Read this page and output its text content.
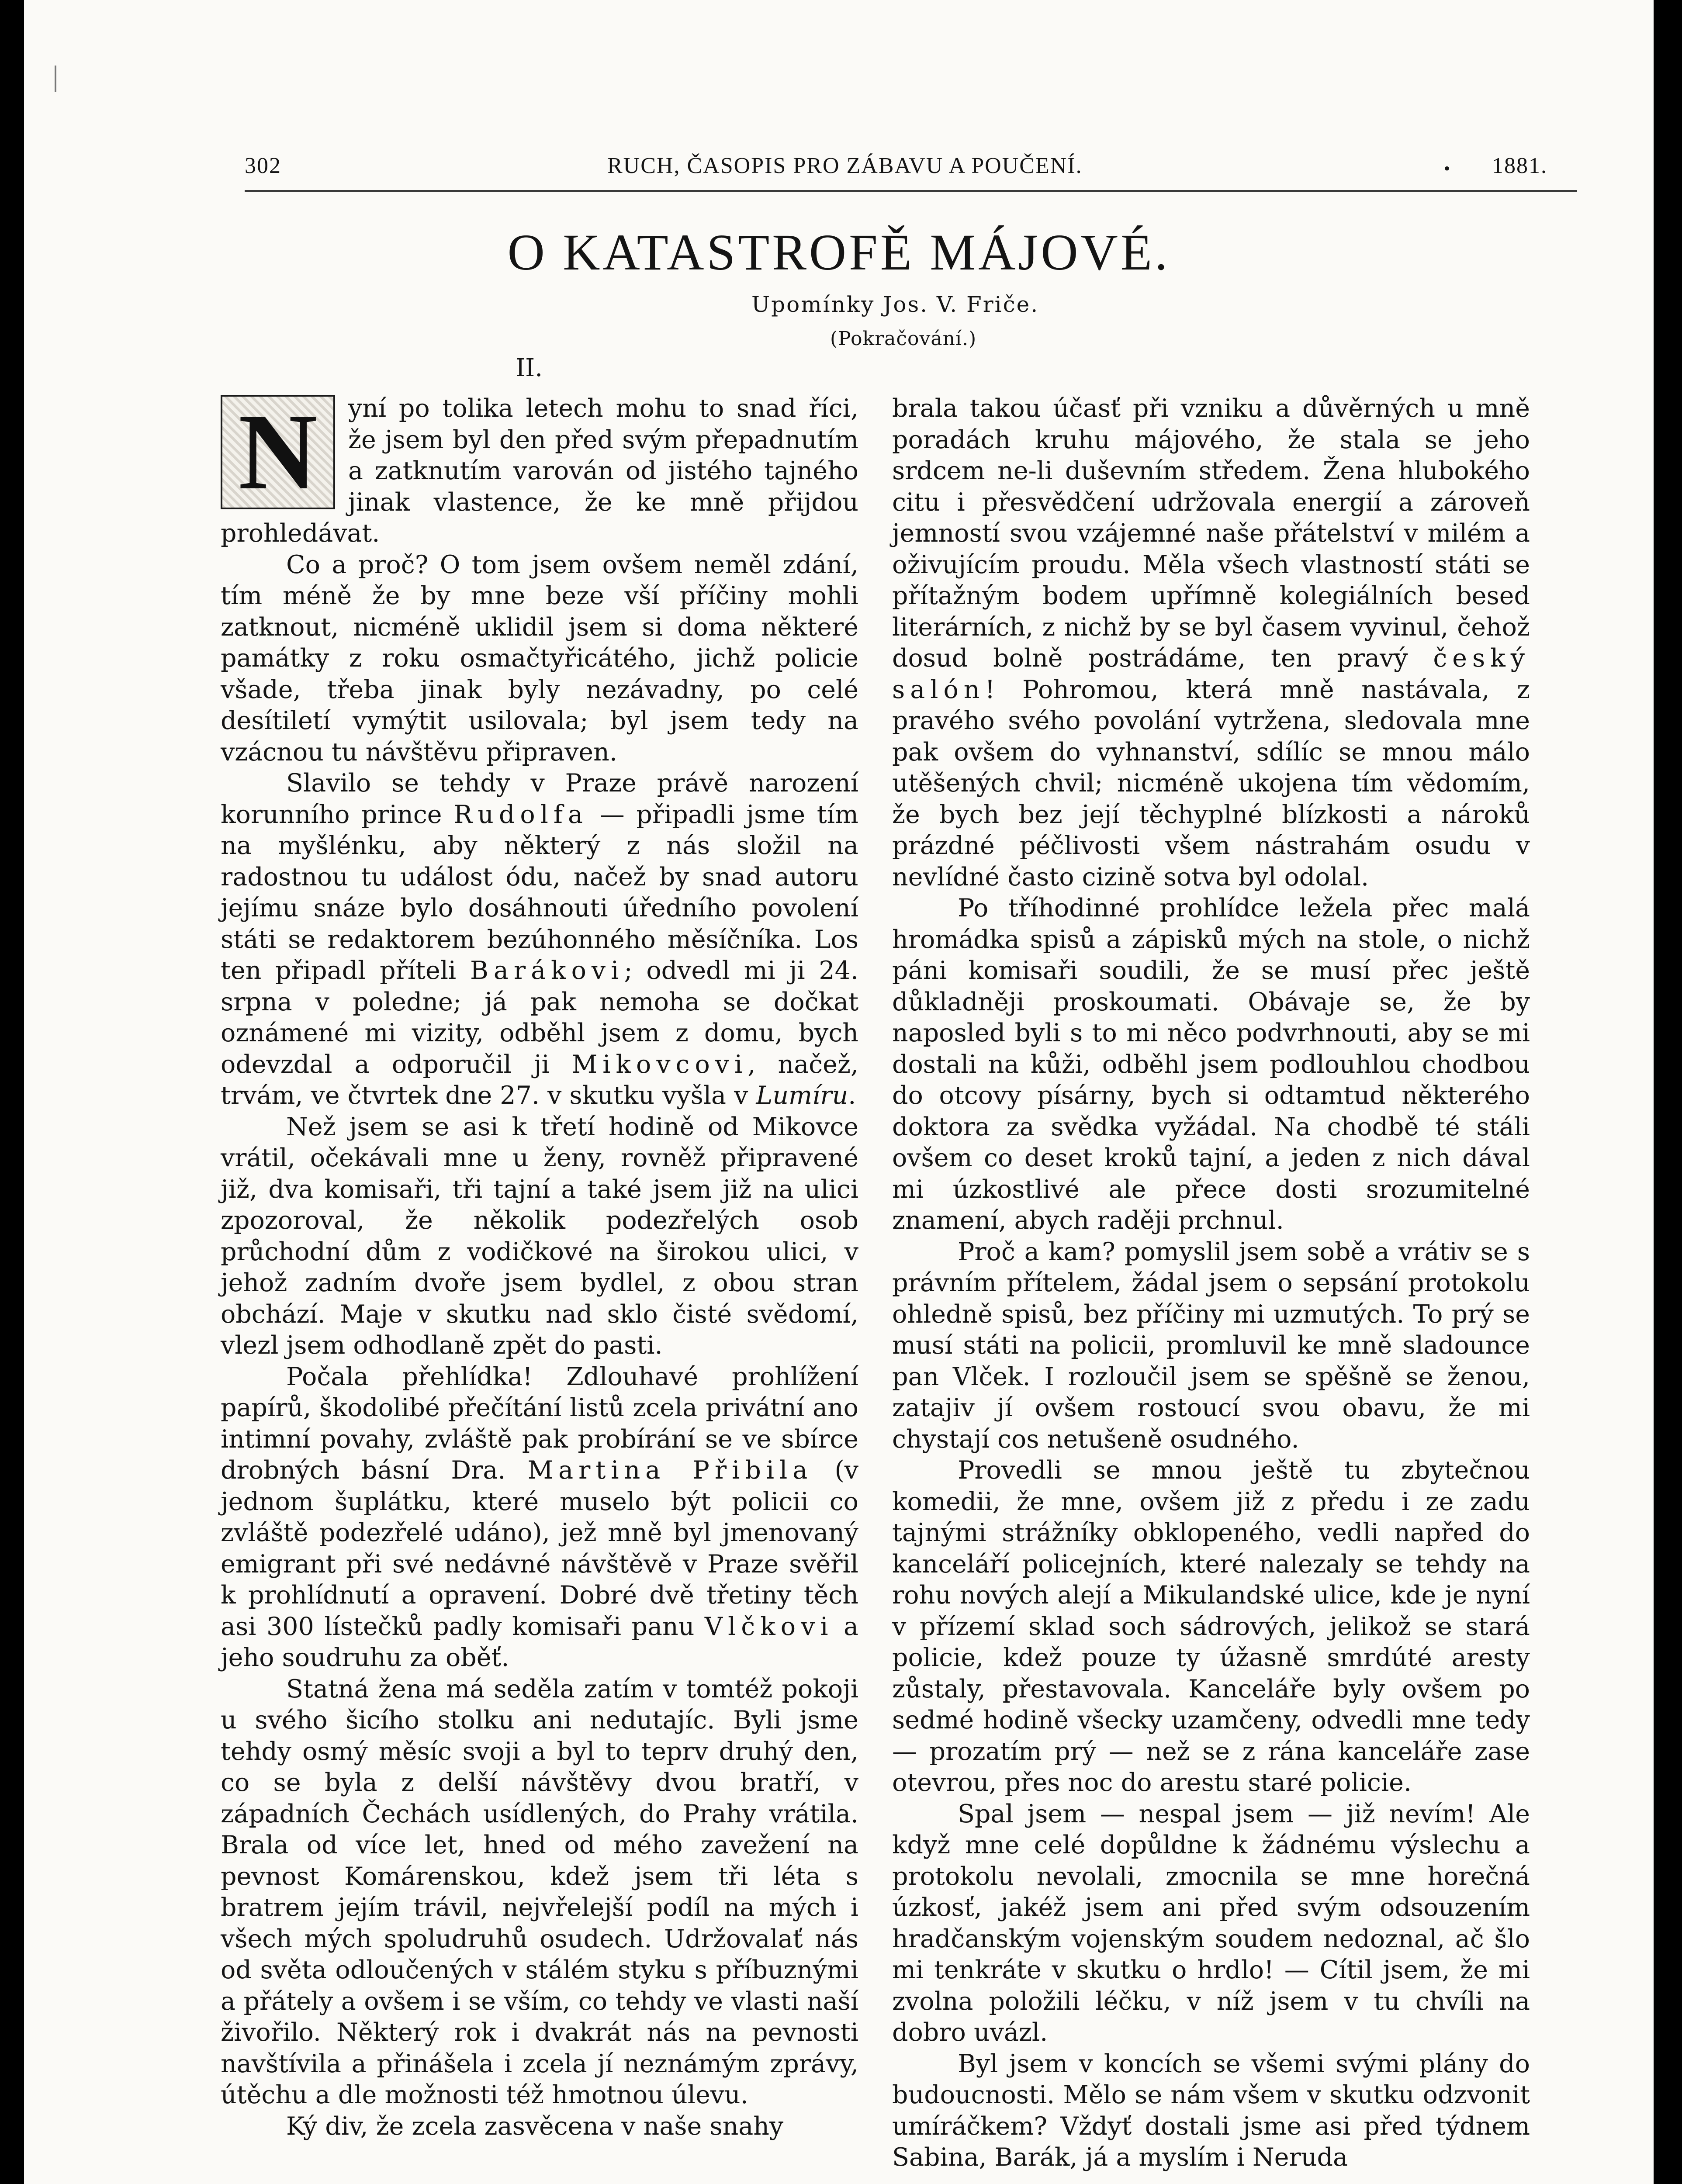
302	RUCH, ČASOPIS PRO ZÁBAVU A POUČENÍ.	• 1881.
O KATASTROFĚ MÁJOVÉ.
Upomínky Jos. V. Friče.
(Pokračování.)
II.

N	yní po tolika letech mohu to snad říci, že jsem byl den před svým přepadnutím a zatknutím varován od jistého tajného jinak vlastence, že ke mně přijdou prohledávat.

Co a proč? O tom jsem ovšem neměl zdání, tím méně že by mne beze vší příčiny mohli zatknout, nicméně uklidil jsem si doma některé památky z roku osmačtyřicátého, jichž policie všade, třeba jinak byly nezávadny, po celé desítiletí vymýtit usilovala; byl jsem tedy na vzácnou tu návštěvu připraven.

Slavilo se tehdy v Praze právě narození korunního prince Rudolfa — připadli jsme tím na myšlénku, aby některý z nás složil na radostnou tu událost ódu, načež by snad autoru jejímu snáze bylo dosáhnouti úředního povolení státi se redaktorem bezúhonného měsíčníka. Los ten připadl příteli Barákovi; odvedl mi ji 24. srpna v poledne; já pak nemoha se dočkat oznámené mi vizity, odběhl jsem z domu, bych odevzdal a odporučil ji Mikovcovi, načež, trvám, ve čtvrtek dne 27. v skutku vyšla v Lumíru.

Než jsem se asi k třetí hodině od Mikovce vrátil, očekávali mne u ženy, rovněž připravené již, dva komisaři, tři tajní a také jsem již na ulici zpozoroval, že několik podezřelých osob průchodní dům z vodičkové na širokou ulici, v jehož zadním dvoře jsem bydlel, z obou stran obchází. Maje v skutku nad sklo čisté svědomí, vlezl jsem odhodlaně zpět do pasti.

Počala přehlídka! Zdlouhavé prohlížení papírů, škodolibé přečítání listů zcela privátní ano intimní povahy, zvláště pak probírání se ve sbírce drobných básní Dra. Martina Přibila (v jednom šuplátku, které muselo být policii co zvláště podezřelé udáno), jež mně byl jmenovaný emigrant při své nedávné návštěvě v Praze svěřil k prohlídnutí a opravení. Dobré dvě třetiny těch asi 300 lístečků padly komisaři panu Vlčkovi a jeho soudruhu za oběť.

Statná žena má seděla zatím v tomtéž pokoji u svého šicího stolku ani nedutajíc. Byli jsme tehdy osmý měsíc svoji a byl to teprv druhý den, co se byla z delší návštěvy dvou bratří, v západních Čechách usídlených, do Prahy vrátila. Brala od více let, hned od mého zavežení na pevnost Komárenskou, kdež jsem tři léta s bratrem jejím trávil, nejvřelejší podíl na mých i všech mých spoludruhů osudech. Udržovalať nás od světa odloučených v stálém styku s příbuznými a přátely a ovšem i se vším, co tehdy ve vlasti naší živořilo. Některý rok i dvakrát nás na pevnosti navštívila a přinášela i zcela jí neznámým zprávy, útěchu a dle možnosti též hmotnou úlevu.

Ký div, že zcela zasvěcena v naše snahy

brala takou účasť při vzniku a důvěrných u mně poradách kruhu májového, že stala se jeho srdcem ne-li duševním středem. Žena hlubokého citu i přesvědčení udržovala energií a zároveň jemností svou vzájemné naše přátelství v milém a oživujícím proudu. Měla všech vlastností státi se přítažným bodem upřímně kolegiálních besed literárních, z nichž by se byl časem vyvinul, čehož dosud bolně postrádáme, ten pravý český salón! Pohromou, která mně nastávala, z pravého svého povolání vytržena, sledovala mne pak ovšem do vyhnanství, sdílíc se mnou málo utěšených chvil; nicméně ukojena tím vědomím, že bych bez její těchyplné blízkosti a nároků prázdné péčlivosti všem nástrahám osudu v nevlídné často cizině sotva byl odolal.

Po tříhodinné prohlídce ležela přec malá hromádka spisů a zápisků mých na stole, o nichž páni komisaři soudili, že se musí přec ještě důkladněji proskoumati. Obávaje se, že by naposled byli s to mi něco podvrhnouti, aby se mi dostali na kůži, odběhl jsem podlouhlou chodbou do otcovy písárny, bych si odtamtud některého doktora za svědka vyžádal. Na chodbě té stáli ovšem co deset kroků tajní, a jeden z nich dával mi úzkostlivé ale přece dosti srozumitelné znamení, abych raději prchnul.

Proč a kam? pomyslil jsem sobě a vrátiv se s právním přítelem, žádal jsem o sepsání protokolu ohledně spisů, bez příčiny mi uzmutých. To prý se musí státi na policii, promluvil ke mně sladounce pan Vlček. I rozloučil jsem se spěšně se ženou, zatajiv jí ovšem rostoucí svou obavu, že mi chystají cos netušeně osudného.

Provedli se mnou ještě tu zbytečnou komedii, že mne, ovšem již z předu i ze zadu tajnými strážníky obklopeného, vedli napřed do kanceláří policejních, které nalezaly se tehdy na rohu nových alejí a Mikulandské ulice, kde je nyní v přízemí sklad soch sádrových, jelikož se stará policie, kdež pouze ty úžasně smrdúté aresty zůstaly, přestavovala. Kanceláře byly ovšem po sedmé hodině všecky uzamčeny, odvedli mne tedy — prozatím prý — než se z rána kanceláře zase otevrou, přes noc do arestu staré policie.

Spal jsem — nespal jsem — již nevím! Ale když mne celé dopůldne k žádnému výslechu a protokolu nevolali, zmocnila se mne horečná úzkosť, jakéž jsem ani před svým odsouzením hradčanským vojenským soudem nedoznal, ač šlo mi tenkráte v skutku o hrdlo! — Cítil jsem, že mi zvolna položili léčku, v níž jsem v tu chvíli na dobro uvázl.

Byl jsem v koncích se všemi svými plány do budoucnosti. Mělo se nám všem v skutku odzvonit umíráčkem? Vždyť dostali jsme asi před týdnem Sabina, Barák, já a myslím i Neruda
